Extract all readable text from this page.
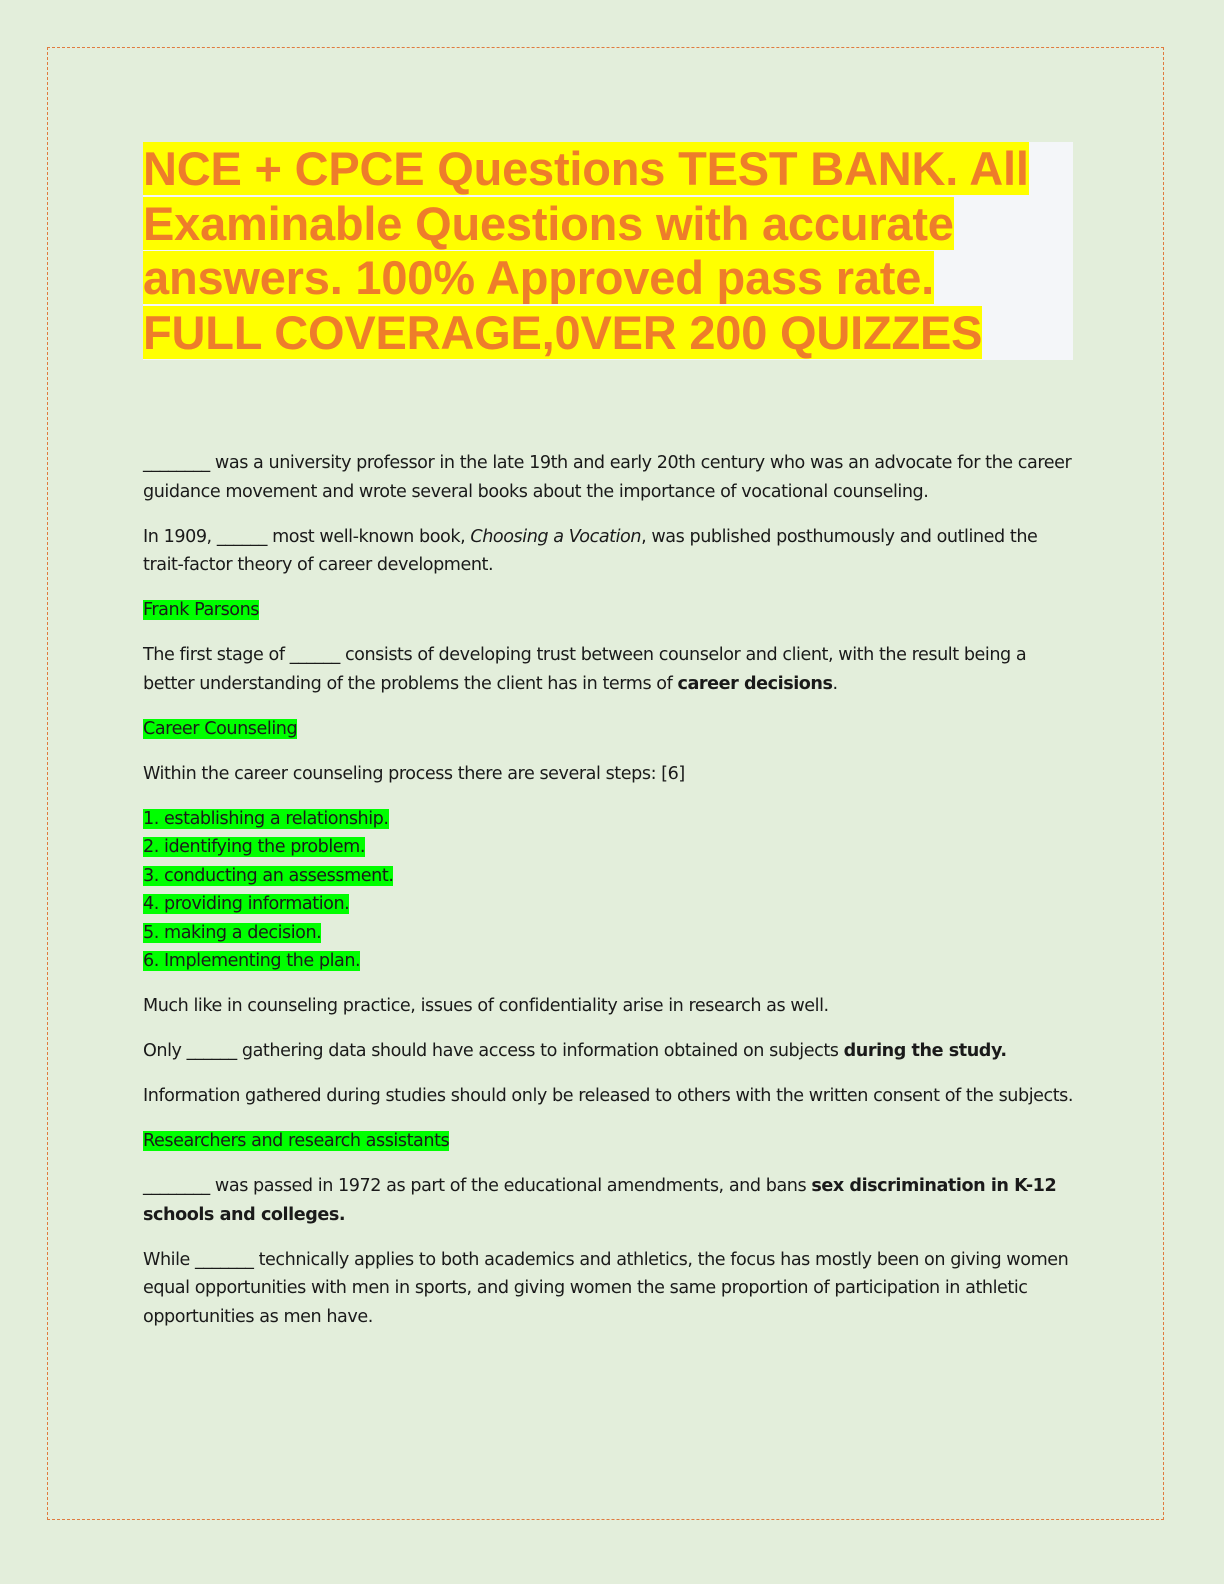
NCE + CPCE Questions TEST BANK. All
Examinable Questions with accurate
answers. 100% Approved pass rate.
FULL COVERAGE,0VER 200 QUIZZES

________ was a university professor in the late 19th and early 20th century who was an advocate for the career guidance movement and wrote several books about the importance of vocational counseling.

In 1909, ______ most well-known book, Choosing a Vocation, was published posthumously and outlined the trait-factor theory of career development.

Frank Parsons

The first stage of ______ consists of developing trust between counselor and client, with the result being a better understanding of the problems the client has in terms of career decisions.

Career Counseling

Within the career counseling process there are several steps: [6]

1. establishing a relationship.
2. identifying the problem.
3. conducting an assessment.
4. providing information.
5. making a decision.
6. Implementing the plan.

Much like in counseling practice, issues of confidentiality arise in research as well.

Only ______ gathering data should have access to information obtained on subjects during the study.

Information gathered during studies should only be released to others with the written consent of the subjects.

Researchers and research assistants

________ was passed in 1972 as part of the educational amendments, and bans sex discrimination in K-12 schools and colleges.

While _______ technically applies to both academics and athletics, the focus has mostly been on giving women equal opportunities with men in sports, and giving women the same proportion of participation in athletic opportunities as men have.
